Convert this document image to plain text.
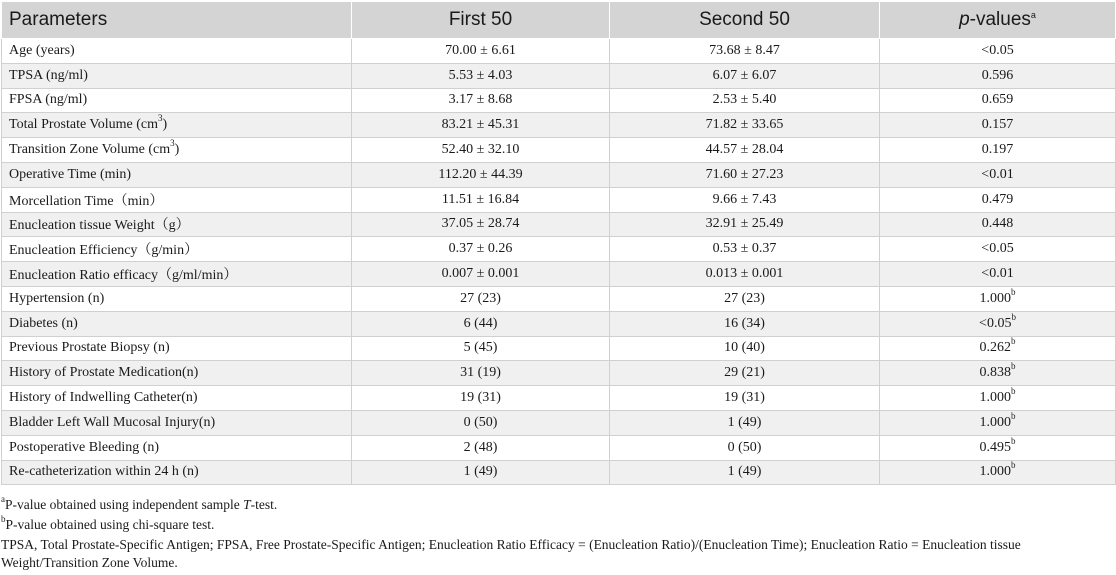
Parameters	First 50	Second 50	p-values$^a$
Age (years)	70.00 ± 6.61	73.68 ± 8.47	<0.05
TPSA (ng/ml)	5.53 ± 4.03	6.07 ± 6.07	0.596
FPSA (ng/ml)	3.17 ± 8.68	2.53 ± 5.40	0.659
Total Prostate Volume $(cm^3)$	83.21 ± 45.31	71.82 ± 33.65	0.157
Transition Zone Volume $(cm^3)$	52.40 ± 32.10	44.57 ± 28.04	0.197
Operative Time (min)	112.20 ± 44.39	71.60 ± 27.23	<0.01
Morcellation Time（min）	11.51 ± 16.84	9.66 ± 7.43	0.479
Enucleation tissue Weight（g）	37.05 ± 28.74	32.91 ± 25.49	0.448
Enucleation Efficiency（g/min）	0.37 ± 0.26	0.53 ± 0.37	<0.05
Enucleation Ratio efficacy（g/ml/min）	0.007 ± 0.001	0.013 ± 0.001	<0.01
Hypertension (n)	27 (23)	27 (23)	1.000$^b$
Diabetes (n)	6 (44)	16 (34)	<0.05$^b$
Previous Prostate Biopsy (n)	5 (45)	10 (40)	0.262$^b$
History of Prostate Medication(n)	31 (19)	29 (21)	0.838$^b$
History of Indwelling Catheter(n)	19 (31)	19 (31)	1.000$^b$
Bladder Left Wall Mucosal Injury(n)	0 (50)	1 (49)	1.000$^b$
Postoperative Bleeding (n)	2 (48)	0 (50)	0.495$^b$
Re-catheterization within 24 h (n)	1 (49)	1 (49)	1.000$^b$
$^a$P-value obtained using independent sample T-test.
$^b$P-value obtained using chi-square test.
TPSA, Total Prostate-Specific Antigen; FPSA, Free Prostate-Specific Antigen; Enucleation Ratio Efficacy = (Enucleation Ratio)/(Enucleation Time); Enucleation Ratio = Enucleation tissue Weight/Transition Zone Volume.
